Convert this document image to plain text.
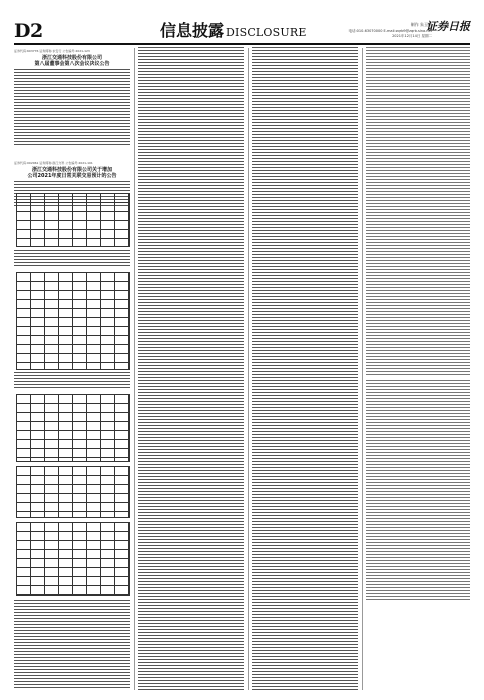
D2	信息披露 DISCLOSURE
制作 朱玉霞
电话:010-63070000 E-mail:zqrb9@zqrb.sina.net
2021年12月14日 星期二
证券日报
证券代码:603776 证券简称:永安行 公告编号:2021-123
浙江交通科技股份有限公司
第八届董事会第八次会议决议公告
证券代码:002061 证券简称:浙江交科 公告编号:2021-101
浙江交通科技股份有限公司关于增加
公司2021年度日常关联交易预计的公告
